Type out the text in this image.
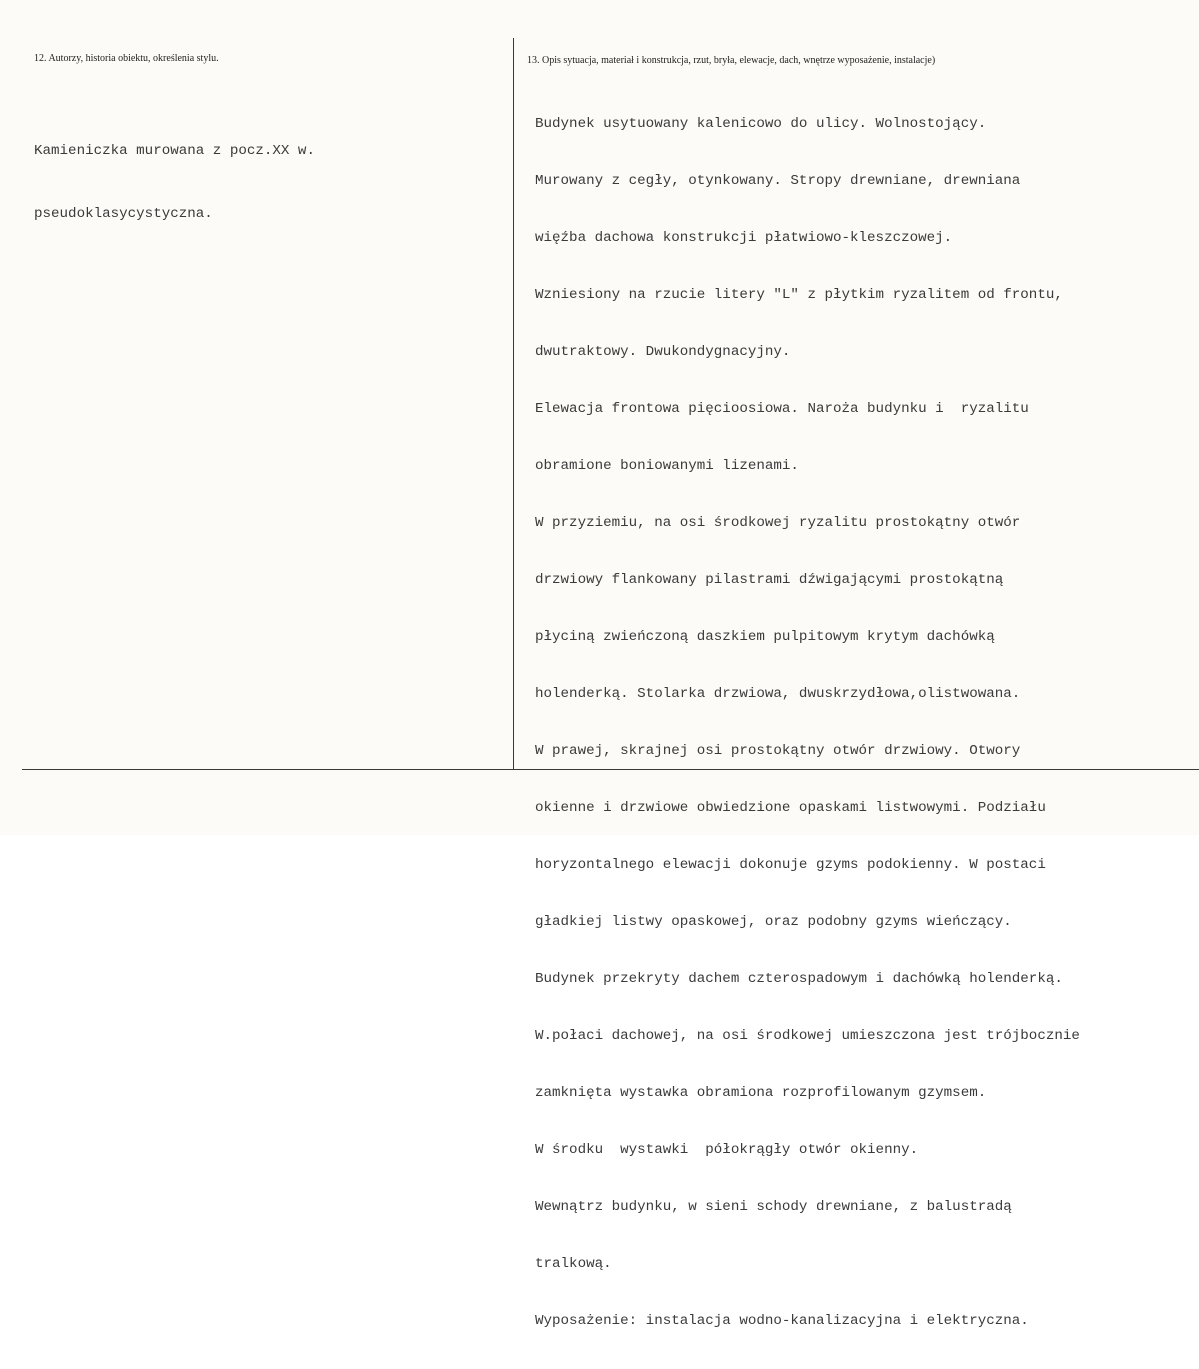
12. Autorzy, historia obiektu, określenia stylu.	13. Opis sytuacja, materiał i konstrukcja, rzut, bryła, elewacje, dach, wnętrze wyposażenie, instalacje)

Kamieniczka murowana z pocz.XX w.

pseudoklasycystyczna.

Budynek usytuowany kalenicowo do ulicy. Wolnostojący.

Murowany z cegły, otynkowany. Stropy drewniane, drewniana

więźba dachowa konstrukcji płatwiowo-kleszczowej.

Wzniesiony na rzucie litery "L" z płytkim ryzalitem od frontu,

dwutraktowy. Dwukondygnacyjny.

Elewacja frontowa pięcioosiowa. Naroża budynku i  ryzalitu

obramione boniowanymi lizenami.

W przyziemiu, na osi środkowej ryzalitu prostokątny otwór

drzwiowy flankowany pilastrami dźwigającymi prostokątną

płyciną zwieńczoną daszkiem pulpitowym krytym dachówką

holenderką. Stolarka drzwiowa, dwuskrzydłowa,olistwowana.

W prawej, skrajnej osi prostokątny otwór drzwiowy. Otwory

okienne i drzwiowe obwiedzione opaskami listwowymi. Podziału

horyzontalnego elewacji dokonuje gzyms podokienny. W postaci

gładkiej listwy opaskowej, oraz podobny gzyms wieńczący.

Budynek przekryty dachem czterospadowym i dachówką holenderką.

W.połaci dachowej, na osi środkowej umieszczona jest trójbocznie

zamknięta wystawka obramiona rozprofilowanym gzymsem.

W środku  wystawki  półokrągły otwór okienny.

Wewnątrz budynku, w sieni schody drewniane, z balustradą

tralkową.

Wyposażenie: instalacja wodno-kanalizacyjna i elektryczna.
